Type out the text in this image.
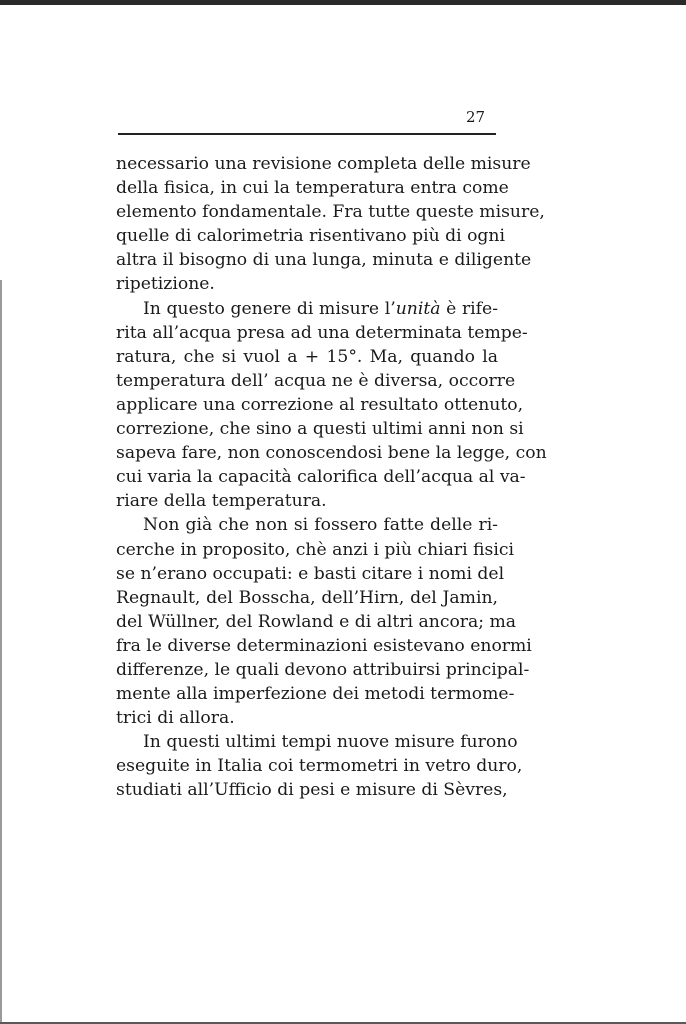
27

necessario una revisione completa delle misure
della fisica, in cui la temperatura entra come
elemento fondamentale. Fra tutte queste misure,
quelle di calorimetria risentivano più di ogni
altra il bisogno di una lunga, minuta e diligente
ripetizione.

In questo genere di misure l’unità è rife-
rita all’acqua presa ad una determinata tempe-
ratura, che si vuol a + 15°. Ma, quando la
temperatura dell’ acqua ne è diversa, occorre
applicare una correzione al resultato ottenuto,
correzione, che sino a questi ultimi anni non si
sapeva fare, non conoscendosi bene la legge, con
cui varia la capacità calorifica dell’acqua al va-
riare della temperatura.

Non già che non si fossero fatte delle ri-
cerche in proposito, chè anzi i più chiari fisici
se n’erano occupati: e basti citare i nomi del
Regnault, del Bosscha, dell’Hirn, del Jamin,
del Wüllner, del Rowland e di altri ancora; ma
fra le diverse determinazioni esistevano enormi
differenze, le quali devono attribuirsi principal-
mente alla imperfezione dei metodi termome-
trici di allora.

In questi ultimi tempi nuove misure furono
eseguite in Italia coi termometri in vetro duro,
studiati all’Ufficio di pesi e misure di Sèvres,
